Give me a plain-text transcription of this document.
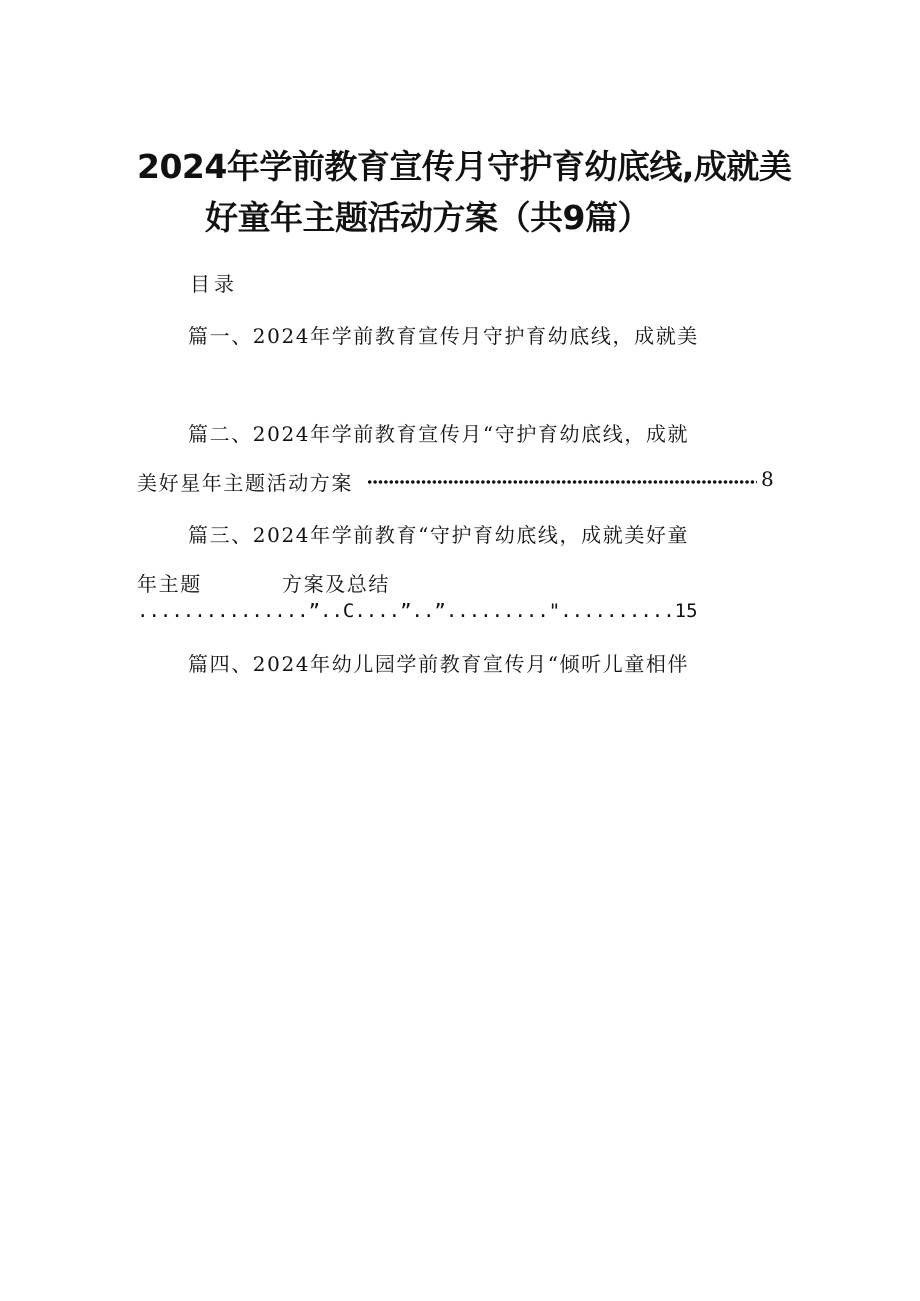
2024年学前教育宣传月守护育幼底线,成就美
好童年主题活动方案（共9篇）
目录
篇一、2024年学前教育宣传月守护育幼底线，成就美
篇二、2024年学前教育宣传月“守护育幼底线，成就
美好星年主题活动方案	8
篇三、2024年学前教育“守护育幼底线，成就美好童
年主题	方案及总结
...............”..C....”..”........."..........15
篇四、2024年幼儿园学前教育宣传月“倾听儿童相伴
